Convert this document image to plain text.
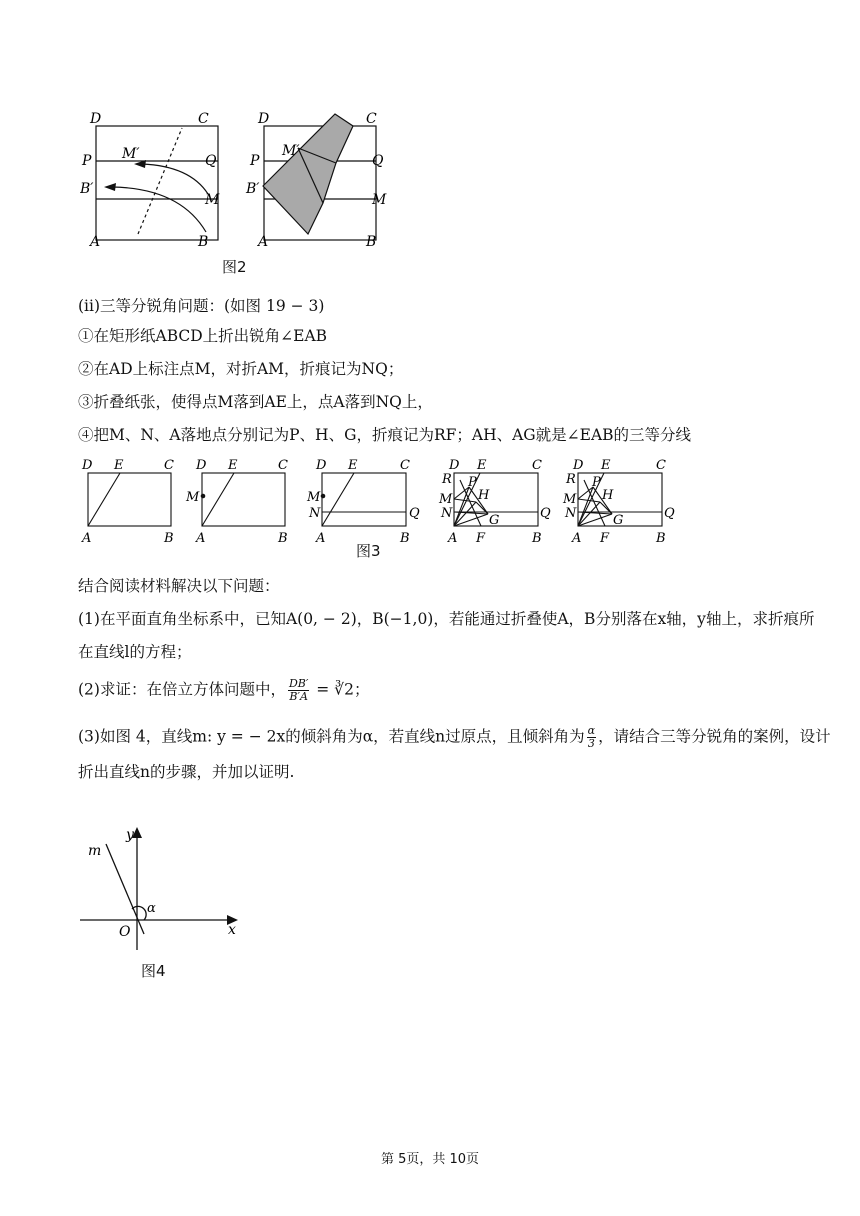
D	C
P	Q
M′
B′
M
A	B
D	C
P	Q
M′
B′
M
A	B
图2
(ii)三等分锐角问题：(如图 19 − 3)
①在矩形纸ABCD上折出锐角∠EAB
②在AD上标注点M，对折AM，折痕记为NQ；
③折叠纸张，使得点M落到AE上，点A落到NQ上，
④把M、N、A落地点分别记为P、H、G，折痕记为RF；AH、AG就是∠EAB的三等分线
D E	C
A	B
D E	C
M
A	B
D E	C
M
N	Q
A	B
D E	C
R P
H
M
N	G	Q
A F	B
D E	C
R P
H
M
N	G	Q
A F	B
图3
结合阅读材料解决以下问题：
(1)在平面直角坐标系中，已知A(0, − 2)，B(−1,0)，若能通过折叠使A，B分别落在x轴，y轴上，求折痕所
在直线l的方程；
(2)求证：在倍立方体问题中， $\frac{DB'}{B'A}$ = ∛2；
(3)如图 4，直线m: y = − 2x的倾斜角为α，若直线n过原点，且倾斜角为 $\frac{\alpha}{3}$ ，请结合三等分锐角的案例，设计
折出直线n的步骤，并加以证明.
m
y
x
O
α
图4
第 5页，共 10页
